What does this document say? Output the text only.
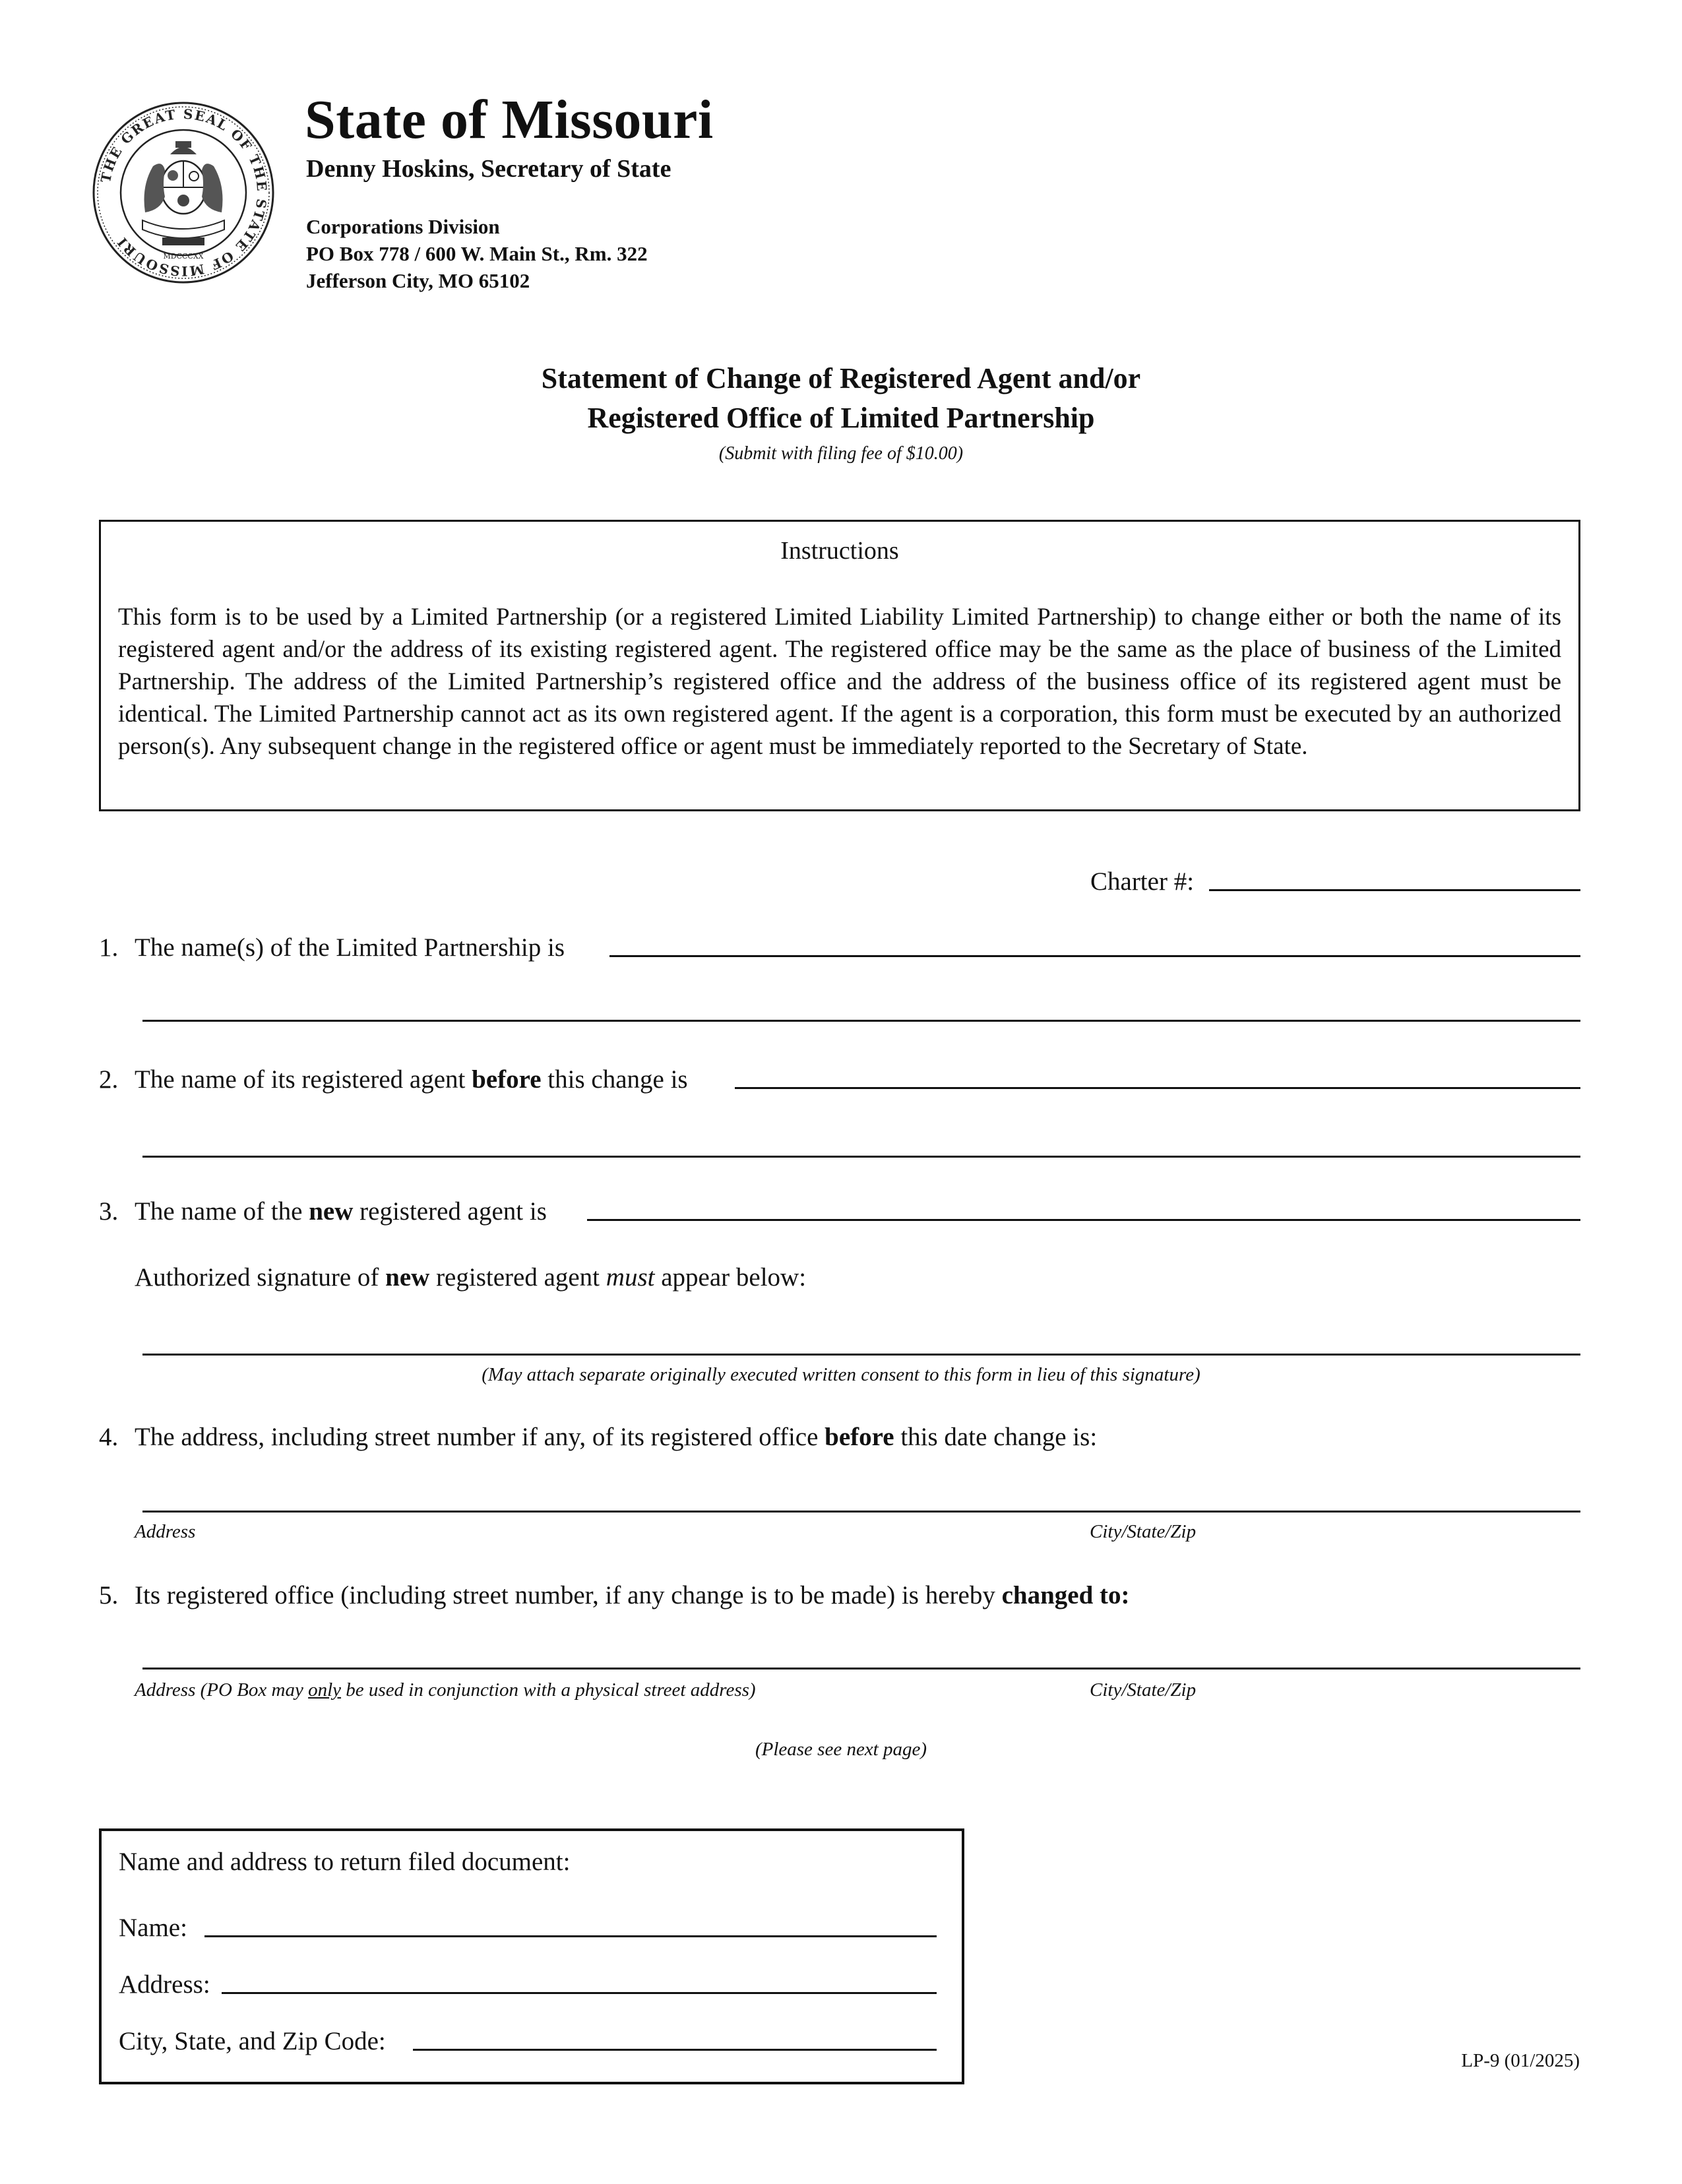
THE GREAT SEAL OF THE STATE OF MISSOURI
MDCCCXX
State of Missouri
Denny Hoskins, Secretary of State
Corporations Division
PO Box 778 / 600 W. Main St., Rm. 322
Jefferson City, MO 65102
Statement of Change of Registered Agent and/or
Registered Office of Limited Partnership
(Submit with filing fee of $10.00)
Instructions
This form is to be used by a Limited Partnership (or a registered Limited Liability Limited Partnership) to change either or both the name of its registered agent and/or the address of its existing registered agent. The registered office may be the same as the place of business of the Limited Partnership. The address of the Limited Partnership’s registered office and the address of the business office of its registered agent must be identical. The Limited Partnership cannot act as its own registered agent. If the agent is a corporation, this form must be executed by an authorized person(s). Any subsequent change in the registered office or agent must be immediately reported to the Secretary of State.
Charter #:
1. The name(s) of the Limited Partnership is
2. The name of its registered agent before this change is
3. The name of the new registered agent is
Authorized signature of new registered agent must appear below:
(May attach separate originally executed written consent to this form in lieu of this signature)
4. The address, including street number if any, of its registered office before this date change is:
Address	City/State/Zip
5. Its registered office (including street number, if any change is to be made) is hereby changed to:
Address (PO Box may only be used in conjunction with a physical street address)	City/State/Zip
(Please see next page)
Name and address to return filed document:
Name:
Address:
City, State, and Zip Code:
LP-9 (01/2025)
